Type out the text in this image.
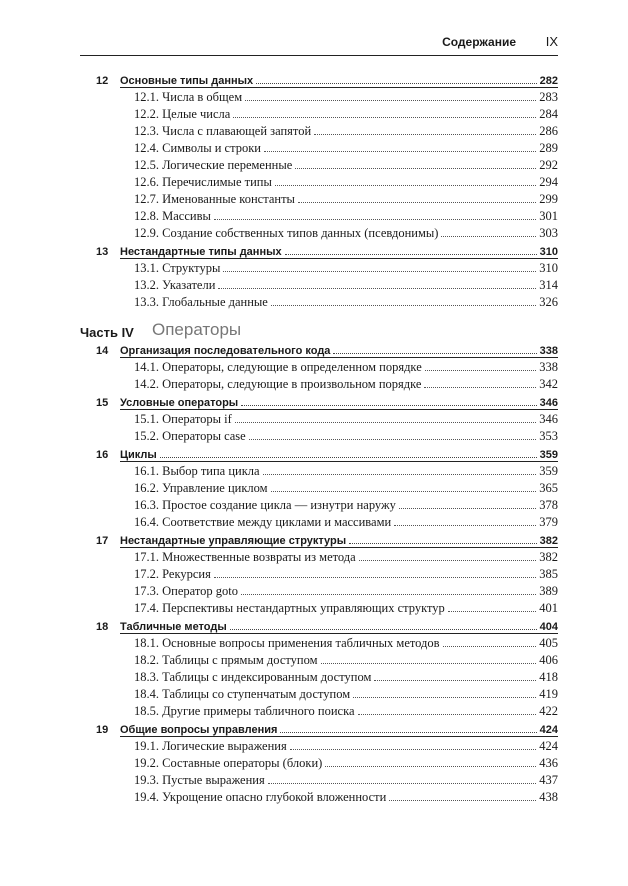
Содержание IX
12	Основные типы данных	282
12.1. Числа в общем	283
12.2. Целые числа	284
12.3. Числа с плавающей запятой	286
12.4. Символы и строки	289
12.5. Логические переменные	292
12.6. Перечислимые типы	294
12.7. Именованные константы	299
12.8. Массивы	301
12.9. Создание собственных типов данных (псевдонимы)	303
13	Нестандартные типы данных	310
13.1. Структуры	310
13.2. Указатели	314
13.3. Глобальные данные	326
Часть IV	Операторы
14	Организация последовательного кода	338
14.1. Операторы, следующие в определенном порядке	338
14.2. Операторы, следующие в произвольном порядке	342
15	Условные операторы	346
15.1. Операторы if	346
15.2. Операторы case	353
16	Циклы	359
16.1. Выбор типа цикла	359
16.2. Управление циклом	365
16.3. Простое создание цикла — изнутри наружу	378
16.4. Соответствие между циклами и массивами	379
17	Нестандартные управляющие структуры	382
17.1. Множественные возвраты из метода	382
17.2. Рекурсия	385
17.3. Оператор goto	389
17.4. Перспективы нестандартных управляющих структур	401
18	Табличные методы	404
18.1. Основные вопросы применения табличных методов	405
18.2. Таблицы с прямым доступом	406
18.3. Таблицы с индексированным доступом	418
18.4. Таблицы со ступенчатым доступом	419
18.5. Другие примеры табличного поиска	422
19	Общие вопросы управления	424
19.1. Логические выражения	424
19.2. Составные операторы (блоки)	436
19.3. Пустые выражения	437
19.4. Укрощение опасно глубокой вложенности	438
